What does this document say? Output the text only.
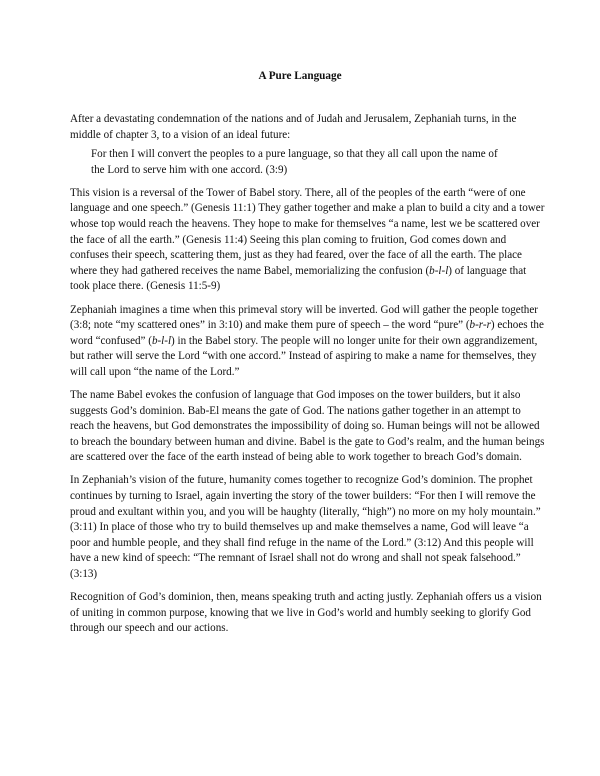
A Pure Language

After a devastating condemnation of the nations and of Judah and Jerusalem, Zephaniah turns, in the middle of chapter 3, to a vision of an ideal future:

For then I will convert the peoples to a pure language, so that they all call upon the name of the Lord to serve him with one accord. (3:9)

This vision is a reversal of the Tower of Babel story. There, all of the peoples of the earth “were of one language and one speech.” (Genesis 11:1) They gather together and make a plan to build a city and a tower whose top would reach the heavens. They hope to make for themselves “a name, lest we be scattered over the face of all the earth.” (Genesis 11:4) Seeing this plan coming to fruition, God comes down and confuses their speech, scattering them, just as they had feared, over the face of all the earth. The place where they had gathered receives the name Babel, memorializing the confusion (b-l-l) of language that took place there. (Genesis 11:5-9)

Zephaniah imagines a time when this primeval story will be inverted. God will gather the people together (3:8; note “my scattered ones” in 3:10) and make them pure of speech – the word “pure” (b-r-r) echoes the word “confused” (b-l-l) in the Babel story. The people will no longer unite for their own aggrandizement, but rather will serve the Lord “with one accord.” Instead of aspiring to make a name for themselves, they will call upon “the name of the Lord.”

The name Babel evokes the confusion of language that God imposes on the tower builders, but it also suggests God’s dominion. Bab-El means the gate of God. The nations gather together in an attempt to reach the heavens, but God demonstrates the impossibility of doing so. Human beings will not be allowed to breach the boundary between human and divine. Babel is the gate to God’s realm, and the human beings are scattered over the face of the earth instead of being able to work together to breach God’s domain.

In Zephaniah’s vision of the future, humanity comes together to recognize God’s dominion. The prophet continues by turning to Israel, again inverting the story of the tower builders: “For then I will remove the proud and exultant within you, and you will be haughty (literally, “high”) no more on my holy mountain.” (3:11) In place of those who try to build themselves up and make themselves a name, God will leave “a poor and humble people, and they shall find refuge in the name of the Lord.” (3:12) And this people will have a new kind of speech: “The remnant of Israel shall not do wrong and shall not speak falsehood.” (3:13)

Recognition of God’s dominion, then, means speaking truth and acting justly. Zephaniah offers us a vision of uniting in common purpose, knowing that we live in God’s world and humbly seeking to glorify God through our speech and our actions.
